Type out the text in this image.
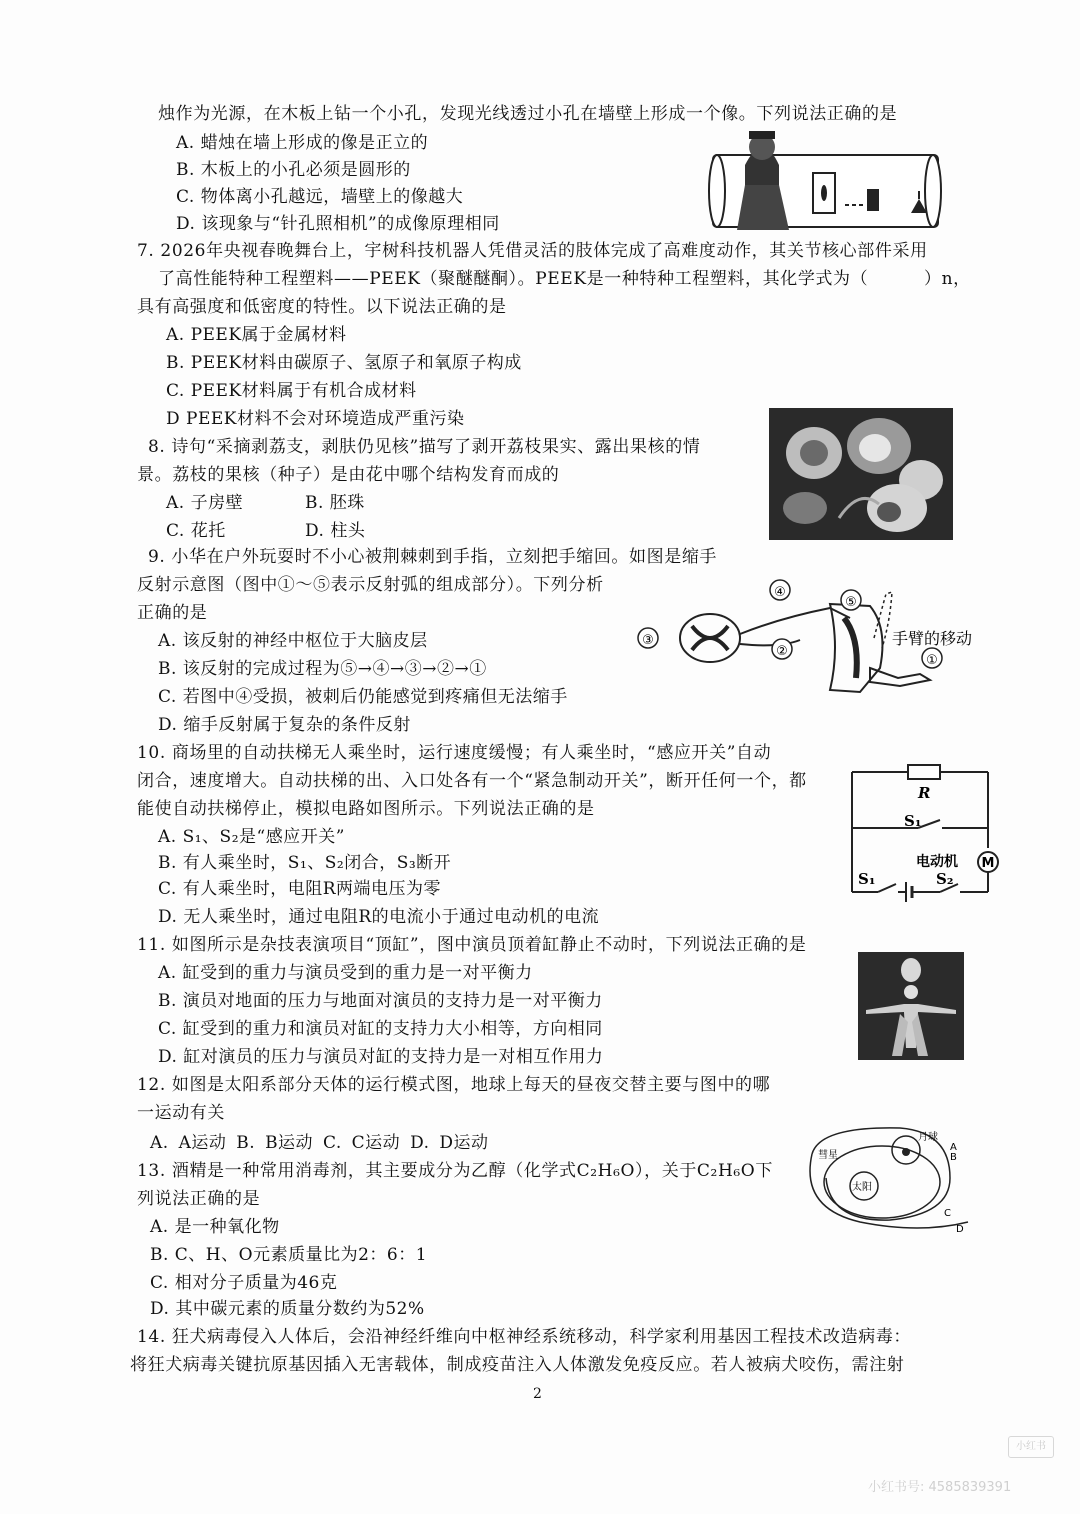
烛作为光源，在木板上钻一个小孔，发现光线透过小孔在墙壁上形成一个像。下列说法正确的是
A. 蜡烛在墙上形成的像是正立的
B. 木板上的小孔必须是圆形的
C. 物体离小孔越远，墙壁上的像越大
D. 该现象与“针孔照相机”的成像原理相同
7. 2026年央视春晚舞台上，宇树科技机器人凭借灵活的肢体完成了高难度动作，其关节核心部件采用
了高性能特种工程塑料——PEEK（聚醚醚酮）。PEEK是一种特种工程塑料，其化学式为（	）n，
具有高强度和低密度的特性。以下说法正确的是
A. PEEK属于金属材料
B. PEEK材料由碳原子、氢原子和氧原子构成
C. PEEK材料属于有机合成材料
D PEEK材料不会对环境造成严重污染
8. 诗句“采摘剥荔支，剥肤仍见核”描写了剥开荔枝果实、露出果核的情
景。荔枝的果核（种子）是由花中哪个结构发育而成的
A. 子房壁	B. 胚珠
C. 花托	D. 柱头
9. 小华在户外玩耍时不小心被荆棘刺到手指，立刻把手缩回。如图是缩手
反射示意图（图中①～⑤表示反射弧的组成部分）。下列分析
正确的是
A. 该反射的神经中枢位于大脑皮层
B. 该反射的完成过程为⑤→④→③→②→①
C. 若图中④受损，被刺后仍能感觉到疼痛但无法缩手
D. 缩手反射属于复杂的条件反射
③
④
⑤
②
①
手臂的移动
10. 商场里的自动扶梯无人乘坐时，运行速度缓慢；有人乘坐时，“感应开关”自动
闭合，速度增大。自动扶梯的出、入口处各有一个“紧急制动开关”，断开任何一个，都
能使自动扶梯停止，模拟电路如图所示。下列说法正确的是
A. S₁、S₂是“感应开关”
B. 有人乘坐时，S₁、S₂闭合，S₃断开
C. 有人乘坐时，电阻R两端电压为零
D. 无人乘坐时，通过电阻R的电流小于通过电动机的电流
R
S₁
电动机 M
S₁	S₂
11. 如图所示是杂技表演项目“顶缸”，图中演员顶着缸静止不动时，下列说法正确的是
A. 缸受到的重力与演员受到的重力是一对平衡力
B. 演员对地面的压力与地面对演员的支持力是一对平衡力
C. 缸受到的重力和演员对缸的支持力大小相等，方向相同
D. 缸对演员的压力与演员对缸的支持力是一对相互作用力
12. 如图是太阳系部分天体的运行模式图，地球上每天的昼夜交替主要与图中的哪
一运动有关
A. A运动 B. B运动 C. C运动 D. D运动
彗星
月球
太阳
A
B
C
D
13. 酒精是一种常用消毒剂，其主要成分为乙醇（化学式C₂H₆O），关于C₂H₆O下
列说法正确的是
A. 是一种氧化物
B. C、H、O元素质量比为2：6：1
C. 相对分子质量为46克
D. 其中碳元素的质量分数约为52%
14. 狂犬病毒侵入人体后，会沿神经纤维向中枢神经系统移动，科学家利用基因工程技术改造病毒：
将狂犬病毒关键抗原基因插入无害载体，制成疫苗注入人体激发免疫反应。若人被病犬咬伤，需注射
2
小红书
小红书号: 4585839391
